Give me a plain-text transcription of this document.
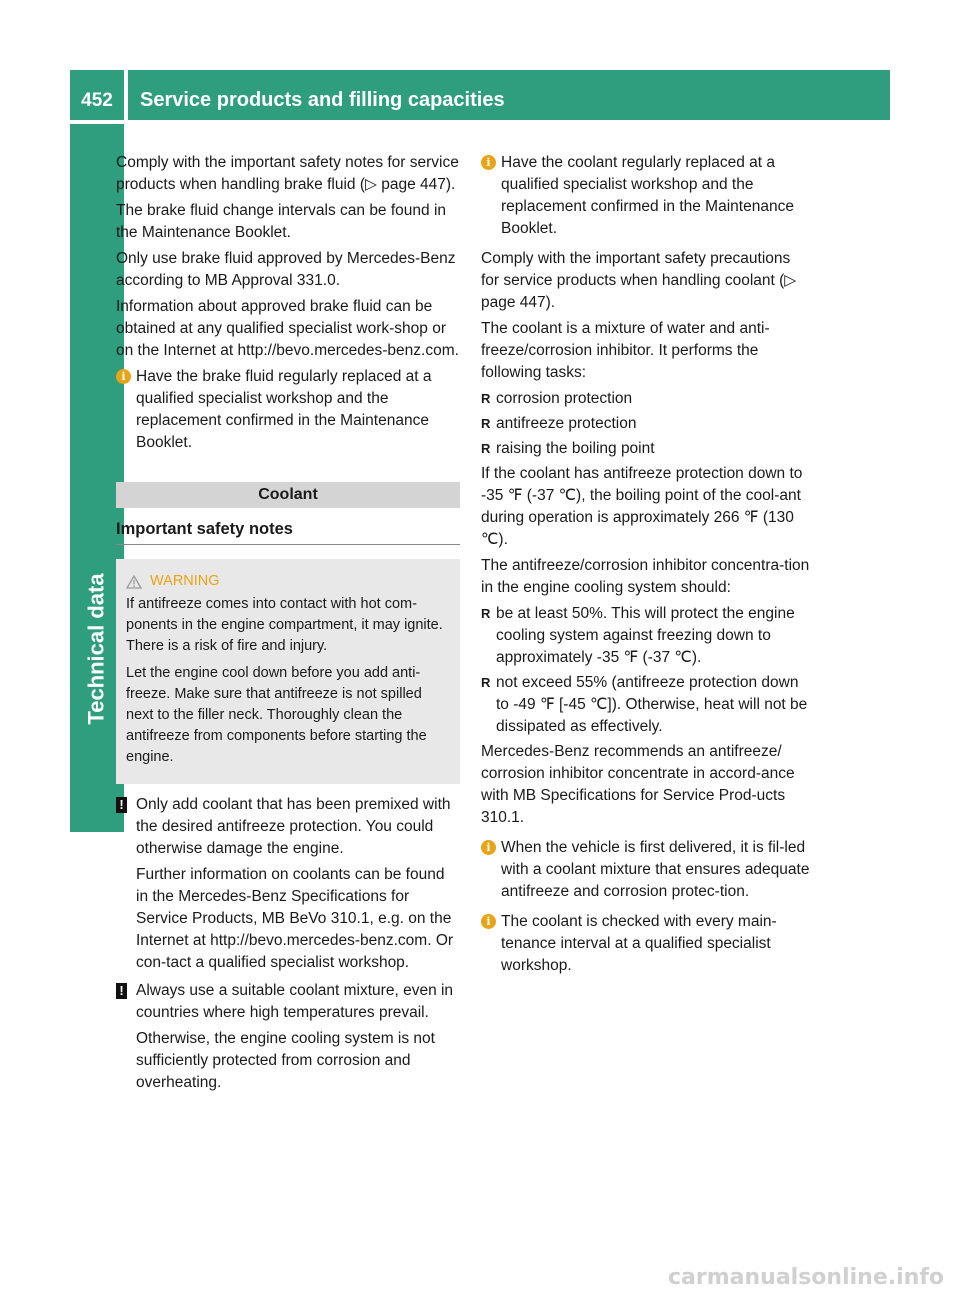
452	Service products and filling capacities
Technical data

Comply with the important safety notes for service products when handling brake fluid (▷ page 447).

The brake fluid change intervals can be found in the Maintenance Booklet.

Only use brake fluid approved by Mercedes-Benz according to MB Approval 331.0.

Information about approved brake fluid can be obtained at any qualified specialist work-shop or on the Internet at http://bevo.mercedes-benz.com.

i Have the brake fluid regularly replaced at a qualified specialist workshop and the replacement confirmed in the Maintenance Booklet.
Coolant
Important safety notes
WARNING

If antifreeze comes into contact with hot com-ponents in the engine compartment, it may ignite. There is a risk of fire and injury.

Let the engine cool down before you add anti-freeze. Make sure that antifreeze is not spilled next to the filler neck. Thoroughly clean the antifreeze from components before starting the engine.

! Only add coolant that has been premixed with the desired antifreeze protection. You could otherwise damage the engine.

Further information on coolants can be found in the Mercedes-Benz Specifications for Service Products, MB BeVo 310.1, e.g. on the Internet at http://bevo.mercedes-benz.com. Or con-tact a qualified specialist workshop.

! Always use a suitable coolant mixture, even in countries where high temperatures prevail.

Otherwise, the engine cooling system is not sufficiently protected from corrosion and overheating.

i Have the coolant regularly replaced at a qualified specialist workshop and the replacement confirmed in the Maintenance Booklet.

Comply with the important safety precautions for service products when handling coolant (▷ page 447).

The coolant is a mixture of water and anti-freeze/corrosion inhibitor. It performs the following tasks:

R corrosion protection
R antifreeze protection
R raising the boiling point

If the coolant has antifreeze protection down to -35 ℉ (-37 ℃), the boiling point of the cool-ant during operation is approximately 266 ℉ (130 ℃).

The antifreeze/corrosion inhibitor concentra-tion in the engine cooling system should:

R be at least 50%. This will protect the engine cooling system against freezing down to approximately -35 ℉ (-37 ℃).
R not exceed 55% (antifreeze protection down to -49 ℉ [-45 ℃]). Otherwise, heat will not be dissipated as effectively.

Mercedes-Benz recommends an antifreeze/ corrosion inhibitor concentrate in accord-ance with MB Specifications for Service Prod-ucts 310.1.

i When the vehicle is first delivered, it is fil-led with a coolant mixture that ensures adequate antifreeze and corrosion protec-tion.
i The coolant is checked with every main-tenance interval at a qualified specialist workshop.
carmanualsonline.info
